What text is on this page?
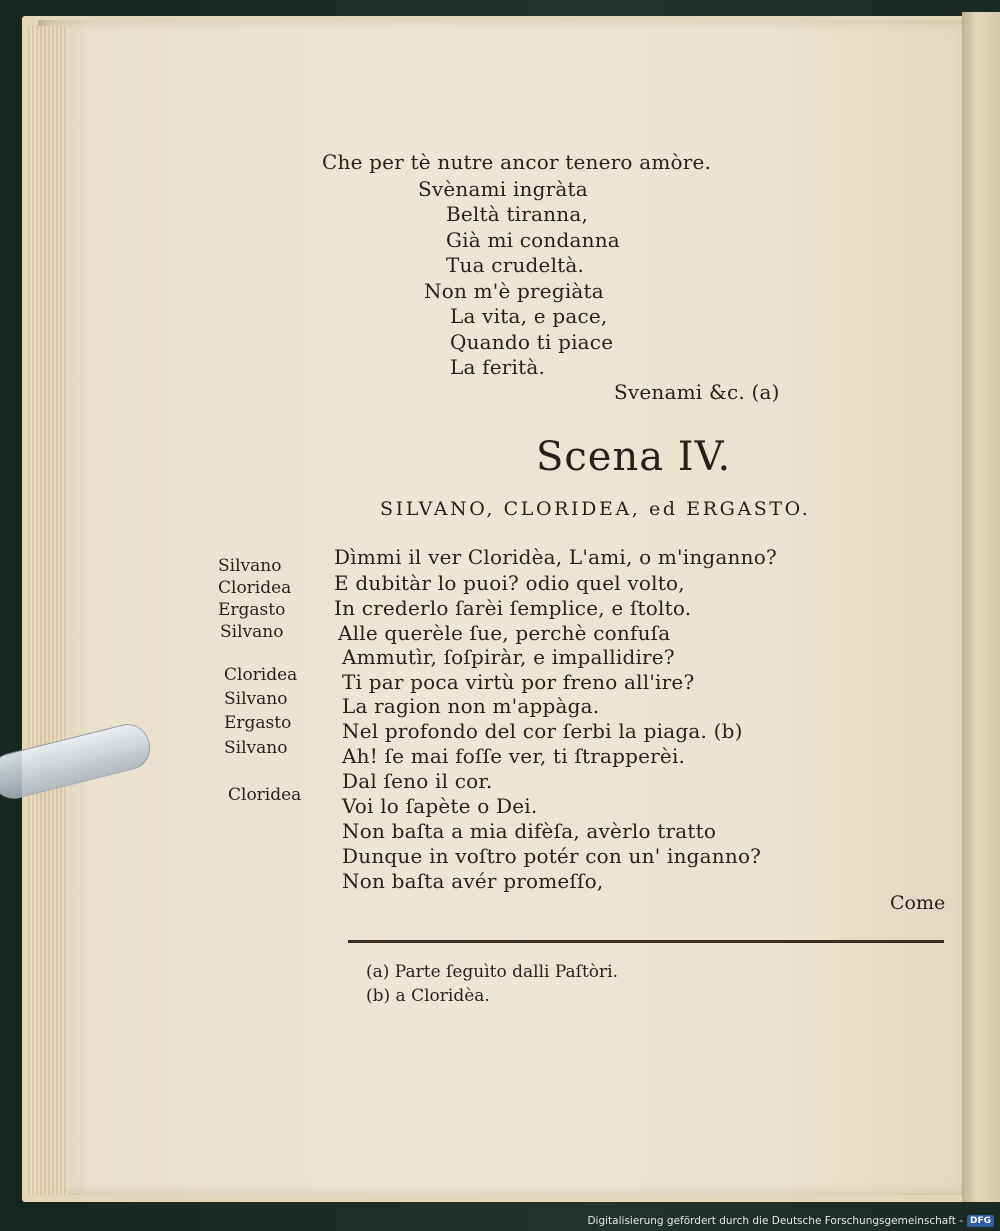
Che per tè nutre ancor tenero amòre.
Svènami ingràta
Beltà tiranna,
Già mi condanna
Tua crudeltà.
Non m'è pregiàta
La vita, e pace,
Quando ti piace
La ferità.
Svenami &c. (a)
Scena IV.
SILVANO, CLORIDEA, ed ERGASTO.
Silvano
Cloridea
Ergasto
Silvano
Cloridea
Silvano
Ergasto
Silvano
Cloridea
Dìmmi il ver Cloridèa, L'ami, o m'inganno?
E dubitàr lo puoi? odio quel volto,
In crederlo ſarèi ſemplice, e ſtolto.
Alle querèle ſue, perchè confuſa
Ammutìr, ſoſpiràr, e impallidire?
Ti par poca virtù por freno all'ire?
La ragion non m'appàga.
Nel profondo del cor ſerbi la piaga. (b)
Ah! ſe mai foſſe ver, ti ſtrapperèi.
Dal ſeno il cor.
Voi lo ſapète o Dei.
Non baſta a mia difèſa, avèrlo tratto
Dunque in voſtro potér con un' inganno?
Non baſta avér promeſſo,
Come
(a) Parte ſeguìto dalli Paſtòri.
(b) a Cloridèa.
Digitalisierung gefördert durch die Deutsche Forschungsgemeinschaft - DFG
